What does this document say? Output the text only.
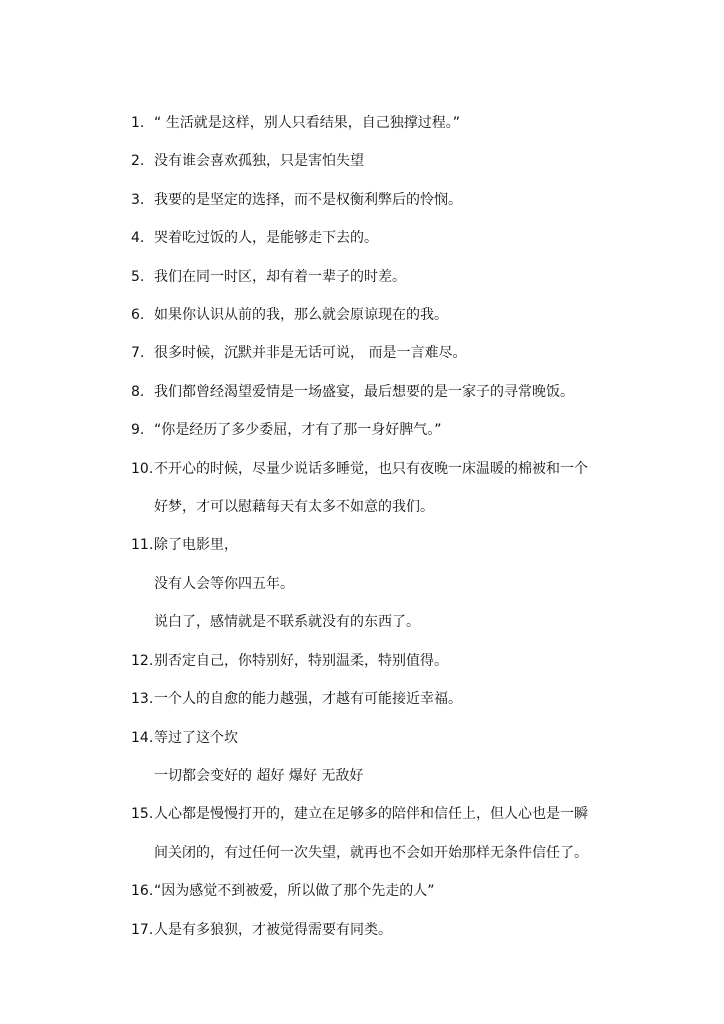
1. “ 生活就是这样，别人只看结果，自己独撑过程。”
2. 没有谁会喜欢孤独，只是害怕失望
3. 我要的是坚定的选择，而不是权衡利弊后的怜悯。
4. 哭着吃过饭的人，是能够走下去的。
5. 我们在同一时区，却有着一辈子的时差。
6. 如果你认识从前的我，那么就会原谅现在的我。
7. 很多时候，沉默并非是无话可说， 而是一言难尽。
8. 我们都曾经渴望爱情是一场盛宴，最后想要的是一家子的寻常晚饭。
9. “你是经历了多少委屈，才有了那一身好脾气。”
10. 不开心的时候，尽量少说话多睡觉，也只有夜晚一床温暖的棉被和一个
好梦，才可以慰藉每天有太多不如意的我们。
11. 除了电影里，
没有人会等你四五年。
说白了，感情就是不联系就没有的东西了。
12. 别否定自己，你特别好，特别温柔，特别值得。
13. 一个人的自愈的能力越强，才越有可能接近幸福。
14. 等过了这个坎
一切都会变好的 超好 爆好 无敌好
15. 人心都是慢慢打开的，建立在足够多的陪伴和信任上，但人心也是一瞬
间关闭的，有过任何一次失望，就再也不会如开始那样无条件信任了。
16. “因为感觉不到被爱，所以做了那个先走的人”
17. 人是有多狼狈，才被觉得需要有同类。
